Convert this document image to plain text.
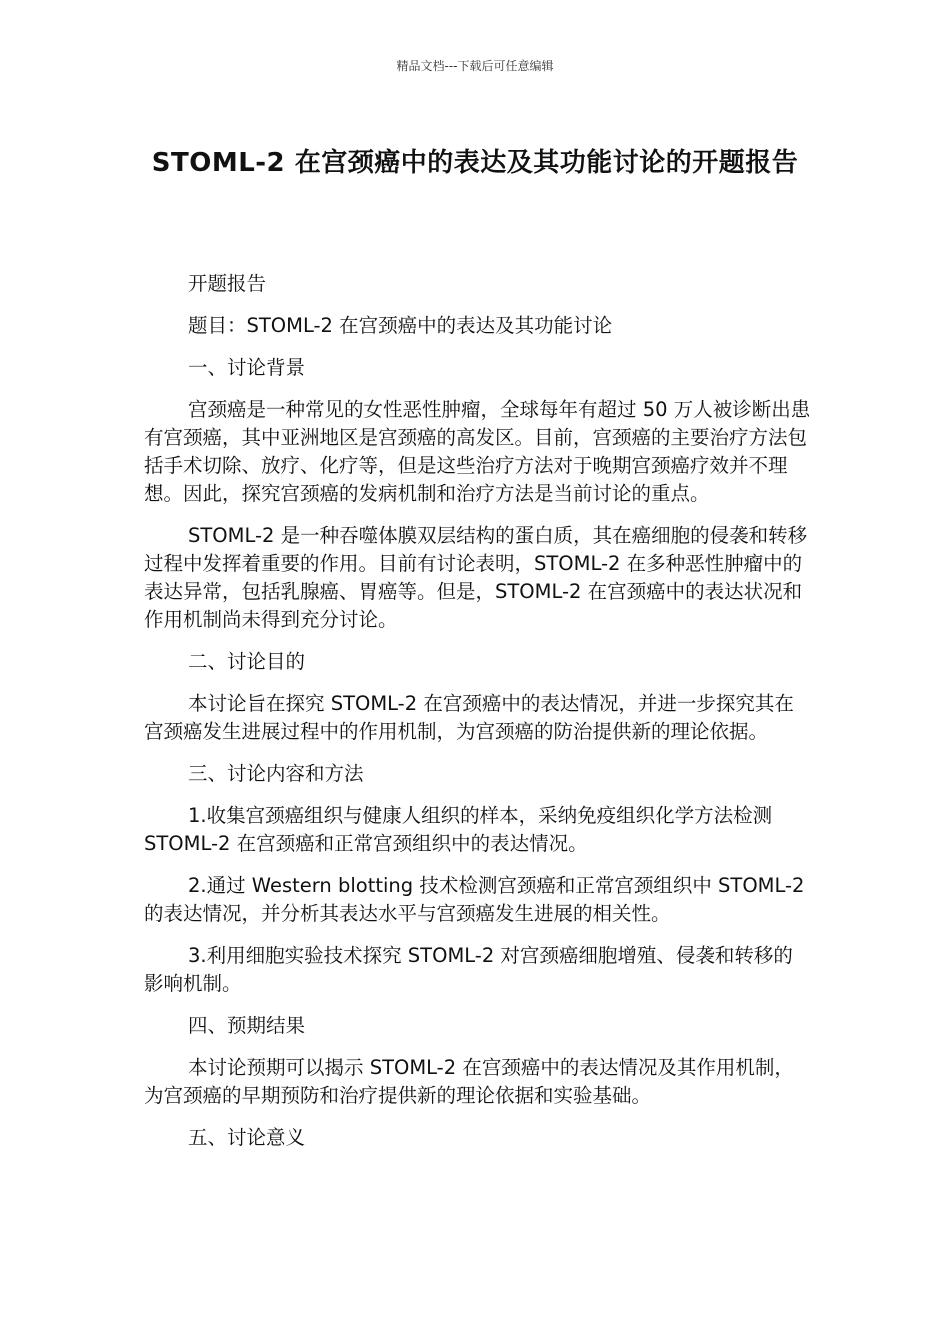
精品文档---下载后可任意编辑
STOML-2 在宫颈癌中的表达及其功能讨论的开题报告

开题报告

题目：STOML-2 在宫颈癌中的表达及其功能讨论

一、讨论背景

宫颈癌是一种常见的女性恶性肿瘤，全球每年有超过 50 万人被诊断出患有宫颈癌，其中亚洲地区是宫颈癌的高发区。目前，宫颈癌的主要治疗方法包括手术切除、放疗、化疗等，但是这些治疗方法对于晚期宫颈癌疗效并不理想。因此，探究宫颈癌的发病机制和治疗方法是当前讨论的重点。

STOML-2 是一种吞噬体膜双层结构的蛋白质，其在癌细胞的侵袭和转移过程中发挥着重要的作用。目前有讨论表明，STOML-2 在多种恶性肿瘤中的表达异常，包括乳腺癌、胃癌等。但是，STOML-2 在宫颈癌中的表达状况和作用机制尚未得到充分讨论。

二、讨论目的

本讨论旨在探究 STOML-2 在宫颈癌中的表达情况，并进一步探究其在宫颈癌发生进展过程中的作用机制，为宫颈癌的防治提供新的理论依据。

三、讨论内容和方法

1.收集宫颈癌组织与健康人组织的样本，采纳免疫组织化学方法检测 STOML-2 在宫颈癌和正常宫颈组织中的表达情况。

2.通过 Western blotting 技术检测宫颈癌和正常宫颈组织中 STOML-2 的表达情况，并分析其表达水平与宫颈癌发生进展的相关性。

3.利用细胞实验技术探究 STOML-2 对宫颈癌细胞增殖、侵袭和转移的影响机制。

四、预期结果

本讨论预期可以揭示 STOML-2 在宫颈癌中的表达情况及其作用机制，为宫颈癌的早期预防和治疗提供新的理论依据和实验基础。

五、讨论意义
